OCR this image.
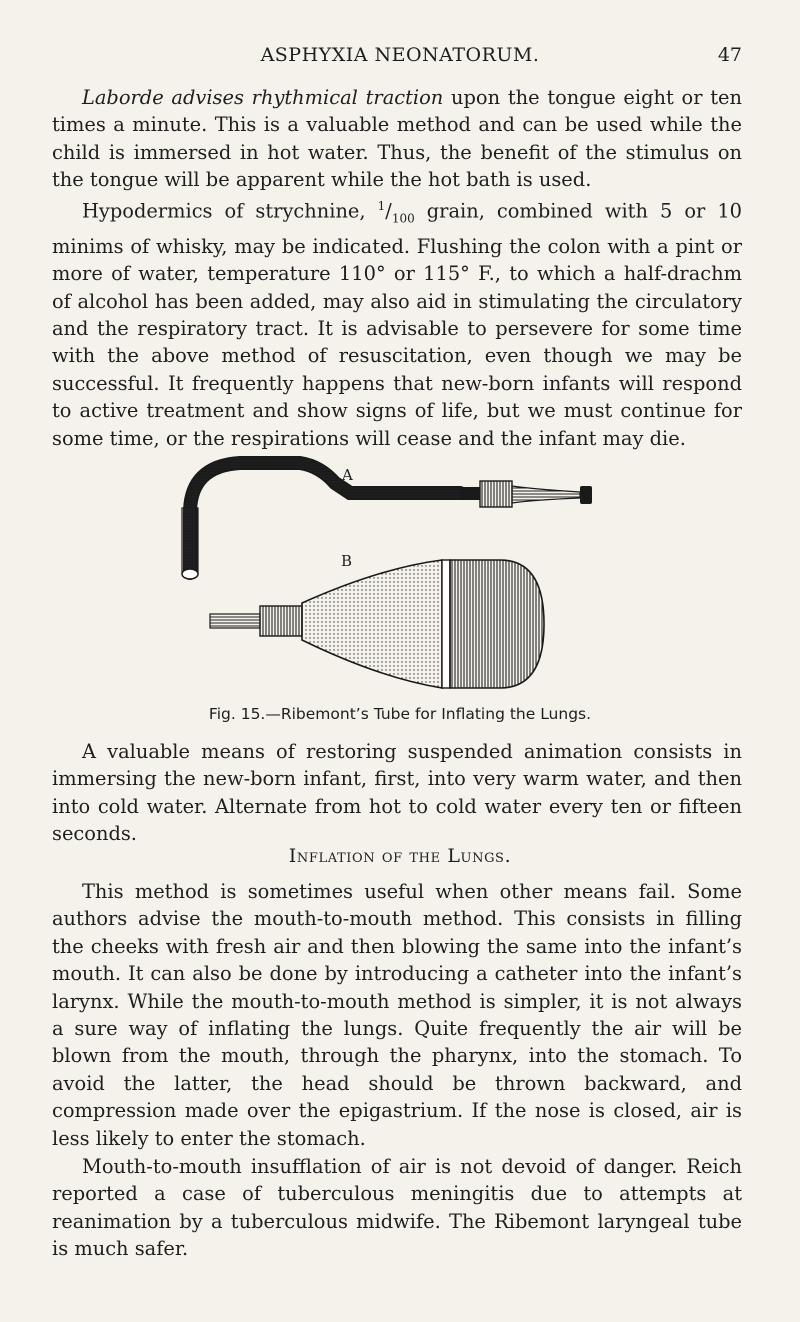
ASPHYXIA NEONATORUM.	47

Laborde advises rhythmical traction upon the tongue eight or ten times a minute. This is a valuable method and can be used while the child is immersed in hot water. Thus, the benefit of the stimulus on the tongue will be apparent while the hot bath is used.

Hypodermics of strychnine, $^1/_{100}$ grain, combined with 5 or 10 minims of whisky, may be indicated. Flushing the colon with a pint or more of water, temperature 110° or 115° F., to which a half-drachm of alcohol has been added, may also aid in stimulating the circulatory and the respiratory tract. It is advisable to persevere for some time with the above method of resuscitation, even though we may be successful. It frequently happens that new-born infants will respond to active treatment and show signs of life, but we must continue for some time, or the respirations will cease and the infant may die.

A
B
Fig. 15.—Ribemont’s Tube for Inflating the Lungs.

A valuable means of restoring suspended animation consists in immersing the new-born infant, first, into very warm water, and then into cold water. Alternate from hot to cold water every ten or fifteen seconds.

Inflation of the Lungs.

This method is sometimes useful when other means fail. Some authors advise the mouth-to-mouth method. This consists in filling the cheeks with fresh air and then blowing the same into the infant’s mouth. It can also be done by introducing a catheter into the infant’s larynx. While the mouth-to-mouth method is simpler, it is not always a sure way of inflating the lungs. Quite frequently the air will be blown from the mouth, through the pharynx, into the stomach. To avoid the latter, the head should be thrown backward, and compression made over the epigastrium. If the nose is closed, air is less likely to enter the stomach.

Mouth-to-mouth insufflation of air is not devoid of danger. Reich reported a case of tuberculous meningitis due to attempts at reanimation by a tuberculous midwife. The Ribemont laryngeal tube is much safer.
